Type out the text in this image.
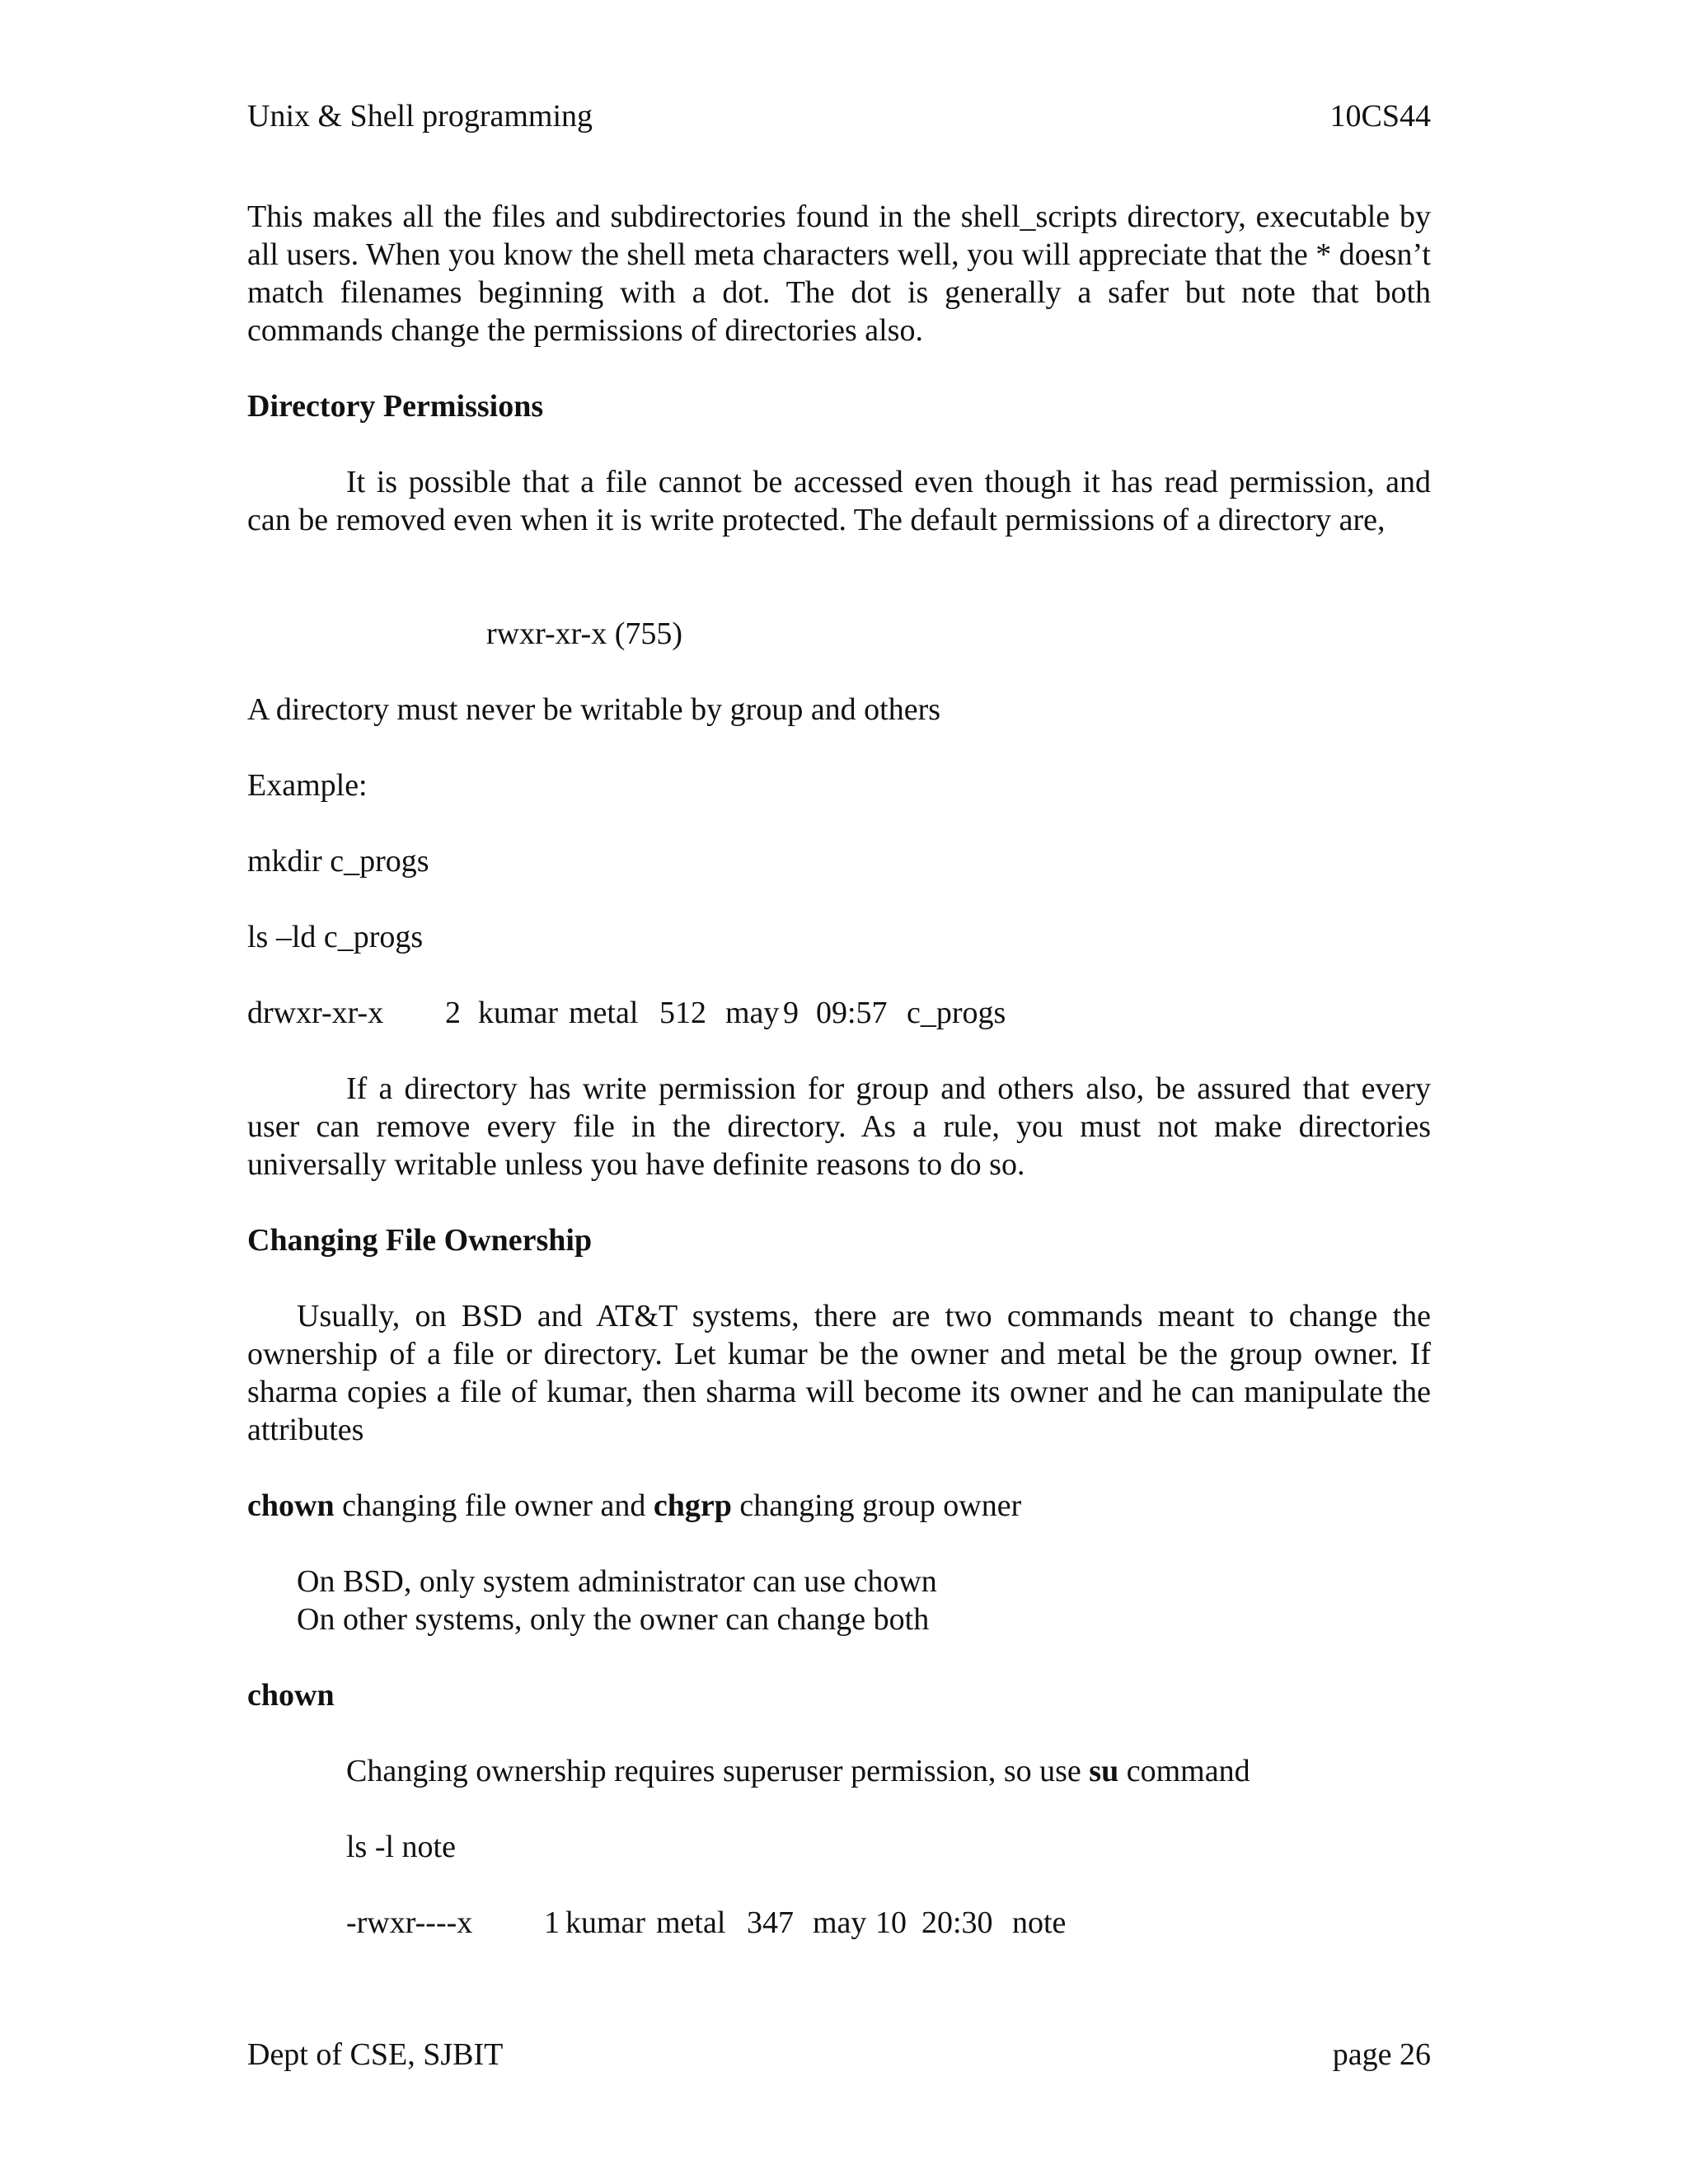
Unix & Shell programming	10CS44
This makes all the files and subdirectories found in the shell_scripts directory, executable by all users. When you know the shell meta characters well, you will appreciate that the * doesn’t match filenames beginning with a dot. The dot is generally a safer but note that both commands change the permissions of directories also.
Directory Permissions
It is possible that a file cannot be accessed even though it has read permission, and can be removed even when it is write protected. The default permissions of a directory are,
rwxr-xr-x (755)
A directory must never be writable by group and others
Example:
mkdir c_progs
ls –ld c_progs
drwxr-xr-x	2 kumar metal 512 may 9 09:57 c_progs
If a directory has write permission for group and others also, be assured that every user can remove every file in the directory. As a rule, you must not make directories universally writable unless you have definite reasons to do so.
Changing File Ownership
Usually, on BSD and AT&T systems, there are two commands meant to change the ownership of a file or directory. Let kumar be the owner and metal be the group owner. If sharma copies a file of kumar, then sharma will become its owner and he can manipulate the attributes
chown changing file owner and chgrp changing group owner
On BSD, only system administrator can use chown
On other systems, only the owner can change both
chown
Changing ownership requires superuser permission, so use su command
ls -l note
-rwxr----x	1 kumar metal 347 may 10 20:30 note
Dept of CSE, SJBIT	page 26
